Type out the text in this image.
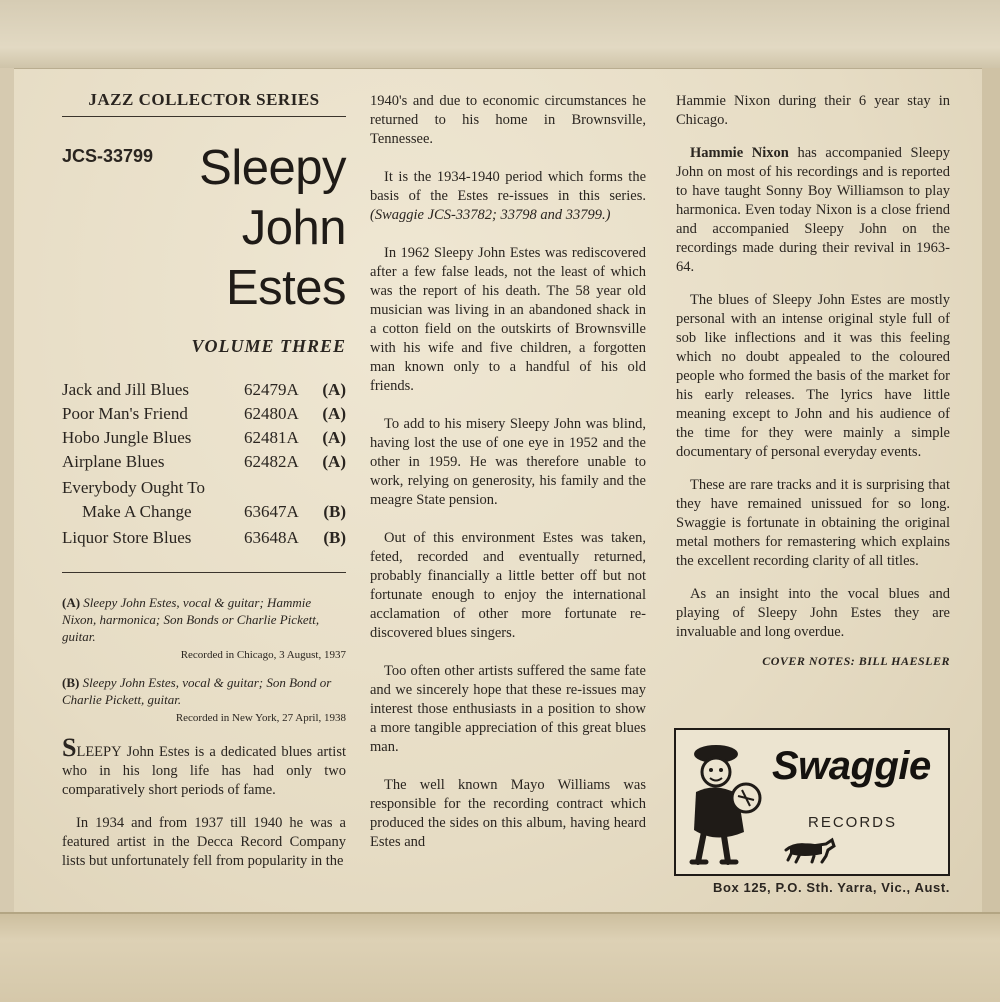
JAZZ COLLECTOR SERIES
JCS-33799 Sleepy
John
Estes
VOLUME THREE
Jack and Jill Blues	62479A	(A)
Poor Man's Friend	62480A	(A)
Hobo Jungle Blues	62481A	(A)
Airplane Blues	62482A	(A)
Everybody Ought To
Make A Change	63647A	(B)
Liquor Store Blues	63648A	(B)
(A) Sleepy John Estes, vocal & guitar; Hammie Nixon, harmonica; Son Bonds or Charlie Pickett, guitar.
Recorded in Chicago, 3 August, 1937
(B) Sleepy John Estes, vocal & guitar; Son Bond or Charlie Pickett, guitar.
Recorded in New York, 27 April, 1938

SLEEPY John Estes is a dedicated blues artist who in his long life has had only two comparatively short periods of fame.

In 1934 and from 1937 till 1940 he was a featured artist in the Decca Record Company lists but unfortunately fell from popularity in the

1940's and due to economic circumstances he returned to his home in Brownsville, Tennessee.

It is the 1934-1940 period which forms the basis of the Estes re-issues in this series. (Swaggie JCS-33782; 33798 and 33799.)

In 1962 Sleepy John Estes was rediscovered after a few false leads, not the least of which was the report of his death. The 58 year old musician was living in an abandoned shack in a cotton field on the outskirts of Brownsville with his wife and five children, a forgotten man known only to a handful of his old friends.

To add to his misery Sleepy John was blind, having lost the use of one eye in 1952 and the other in 1959. He was therefore unable to work, relying on generosity, his family and the meagre State pension.

Out of this environment Estes was taken, feted, recorded and eventually returned, probably financially a little better off but not fortunate enough to enjoy the international acclamation of other more fortunate re-discovered blues singers.

Too often other artists suffered the same fate and we sincerely hope that these re-issues may interest those enthusiasts in a position to show a more tangible appreciation of this great blues man.

The well known Mayo Williams was responsible for the recording contract which produced the sides on this album, having heard Estes and

Hammie Nixon during their 6 year stay in Chicago.

Hammie Nixon has accompanied Sleepy John on most of his recordings and is reported to have taught Sonny Boy Williamson to play harmonica. Even today Nixon is a close friend and accompanied Sleepy John on the recordings made during their revival in 1963-64.

The blues of Sleepy John Estes are mostly personal with an intense original style full of sob like inflections and it was this feeling which no doubt appealed to the coloured people who formed the basis of the market for his early releases. The lyrics have little meaning except to John and his audience of the time for they were mainly a simple documentary of personal everyday events.

These are rare tracks and it is surprising that they have remained unissued for so long. Swaggie is fortunate in obtaining the original metal mothers for remastering which explains the excellent recording clarity of all titles.

As an insight into the vocal blues and playing of Sleepy John Estes they are invaluable and long overdue.

COVER NOTES: BILL HAESLER
Swaggie
RECORDS
Box 125, P.O. Sth. Yarra, Vic., Aust.
